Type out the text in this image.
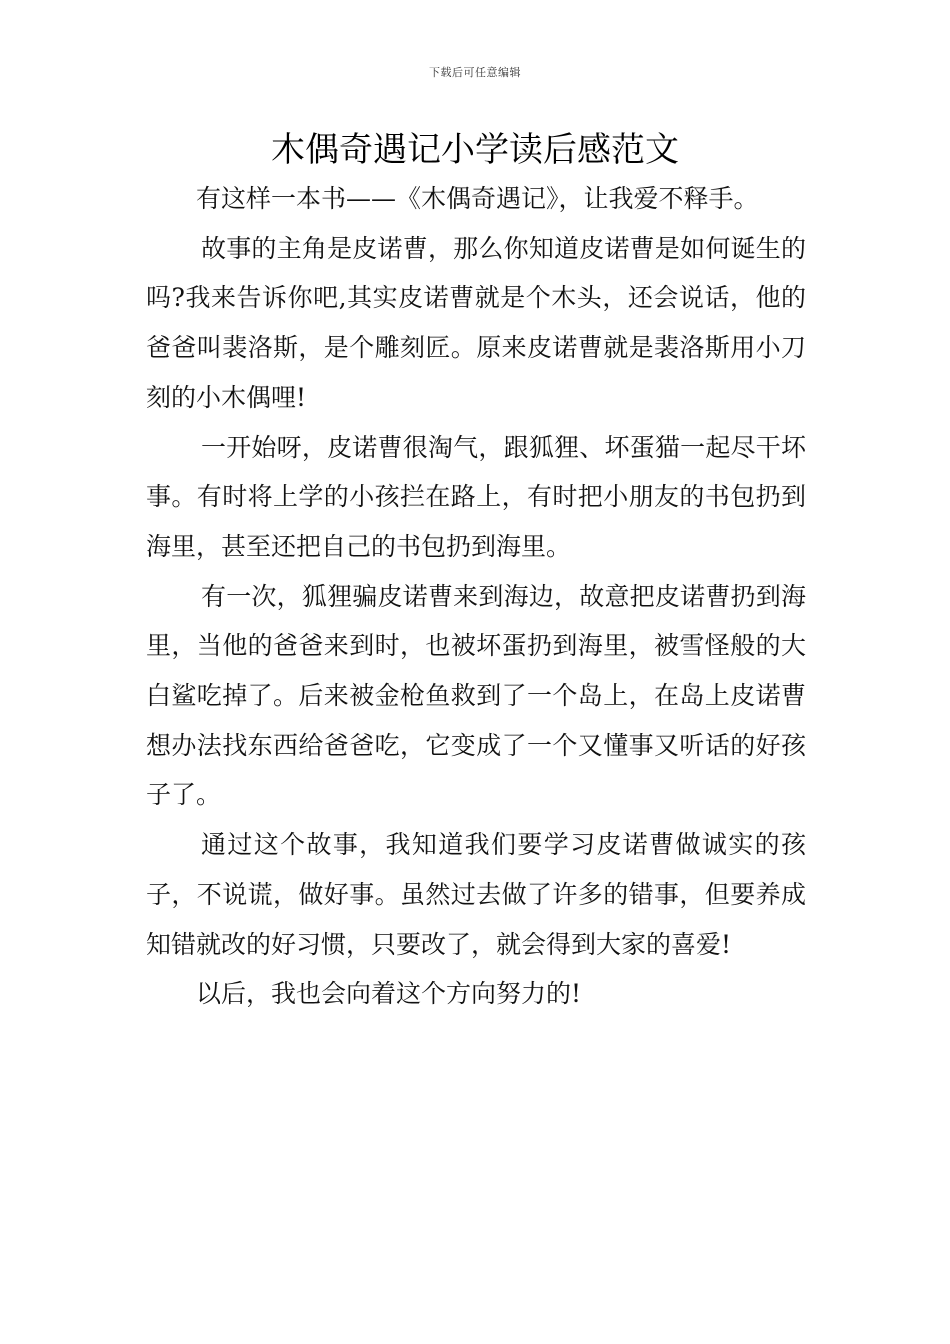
下载后可任意编辑
木偶奇遇记小学读后感范文

有这样一本书——《木偶奇遇记》，让我爱不释手。

故事的主角是皮诺曹，那么你知道皮诺曹是如何诞生的吗?我来告诉你吧,其实皮诺曹就是个木头，还会说话，他的爸爸叫裴洛斯，是个雕刻匠。原来皮诺曹就是裴洛斯用小刀刻的小木偶哩!

一开始呀，皮诺曹很淘气，跟狐狸、坏蛋猫一起尽干坏事。有时将上学的小孩拦在路上，有时把小朋友的书包扔到海里，甚至还把自己的书包扔到海里。

有一次，狐狸骗皮诺曹来到海边，故意把皮诺曹扔到海里，当他的爸爸来到时，也被坏蛋扔到海里，被雪怪般的大白鲨吃掉了。后来被金枪鱼救到了一个岛上，在岛上皮诺曹想办法找东西给爸爸吃，它变成了一个又懂事又听话的好孩子了。

通过这个故事，我知道我们要学习皮诺曹做诚实的孩子，不说谎，做好事。虽然过去做了许多的错事，但要养成知错就改的好习惯，只要改了，就会得到大家的喜爱!

以后，我也会向着这个方向努力的!
